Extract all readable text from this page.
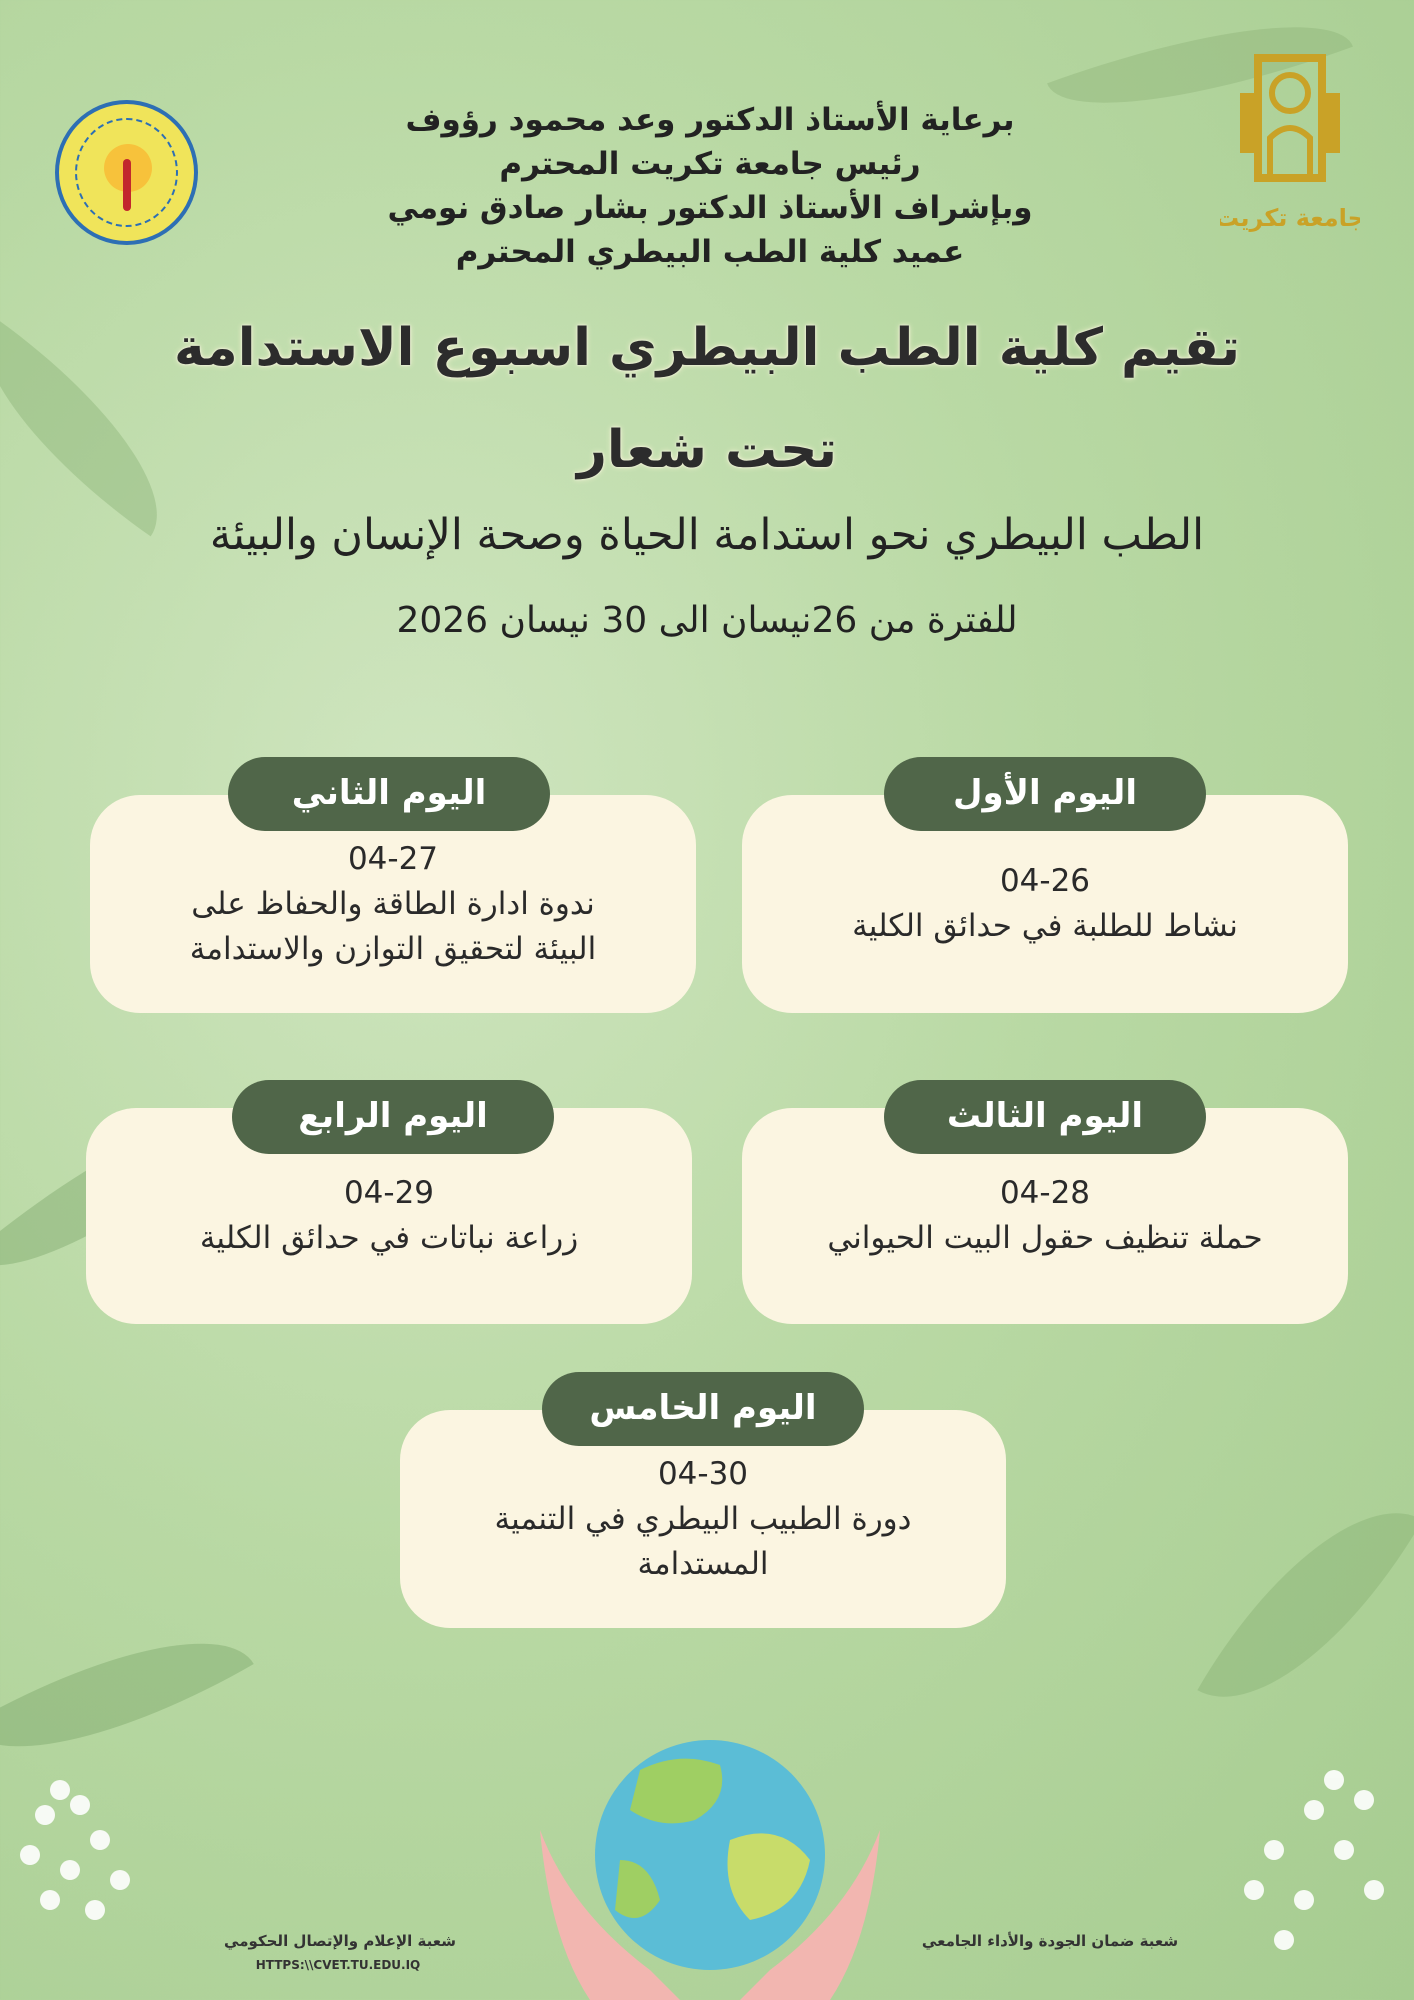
جامعة تكريت
برعاية الأستاذ الدكتور وعد محمود رؤوف
رئيس جامعة تكريت المحترم
وبإشراف الأستاذ الدكتور بشار صادق نومي
عميد كلية الطب البيطري المحترم
تقيم كلية الطب البيطري اسبوع الاستدامة
تحت شعار
الطب البيطري نحو استدامة الحياة وصحة الإنسان والبيئة
للفترة من 26نيسان الى 30 نيسان 2026
04-26
نشاط للطلبة في حدائق الكلية
اليوم الأول
04-27
ندوة ادارة الطاقة والحفاظ على البيئة لتحقيق التوازن والاستدامة
اليوم الثاني
04-28
حملة تنظيف حقول البيت الحيواني
اليوم الثالث
04-29
زراعة نباتات في حدائق الكلية
اليوم الرابع
04-30
دورة الطبيب البيطري في التنمية المستدامة
اليوم الخامس
شعبة الإعلام والإتصال الحكومي
HTTPS:\\CVET.TU.EDU.IQ
شعبة ضمان الجودة والأداء الجامعي
